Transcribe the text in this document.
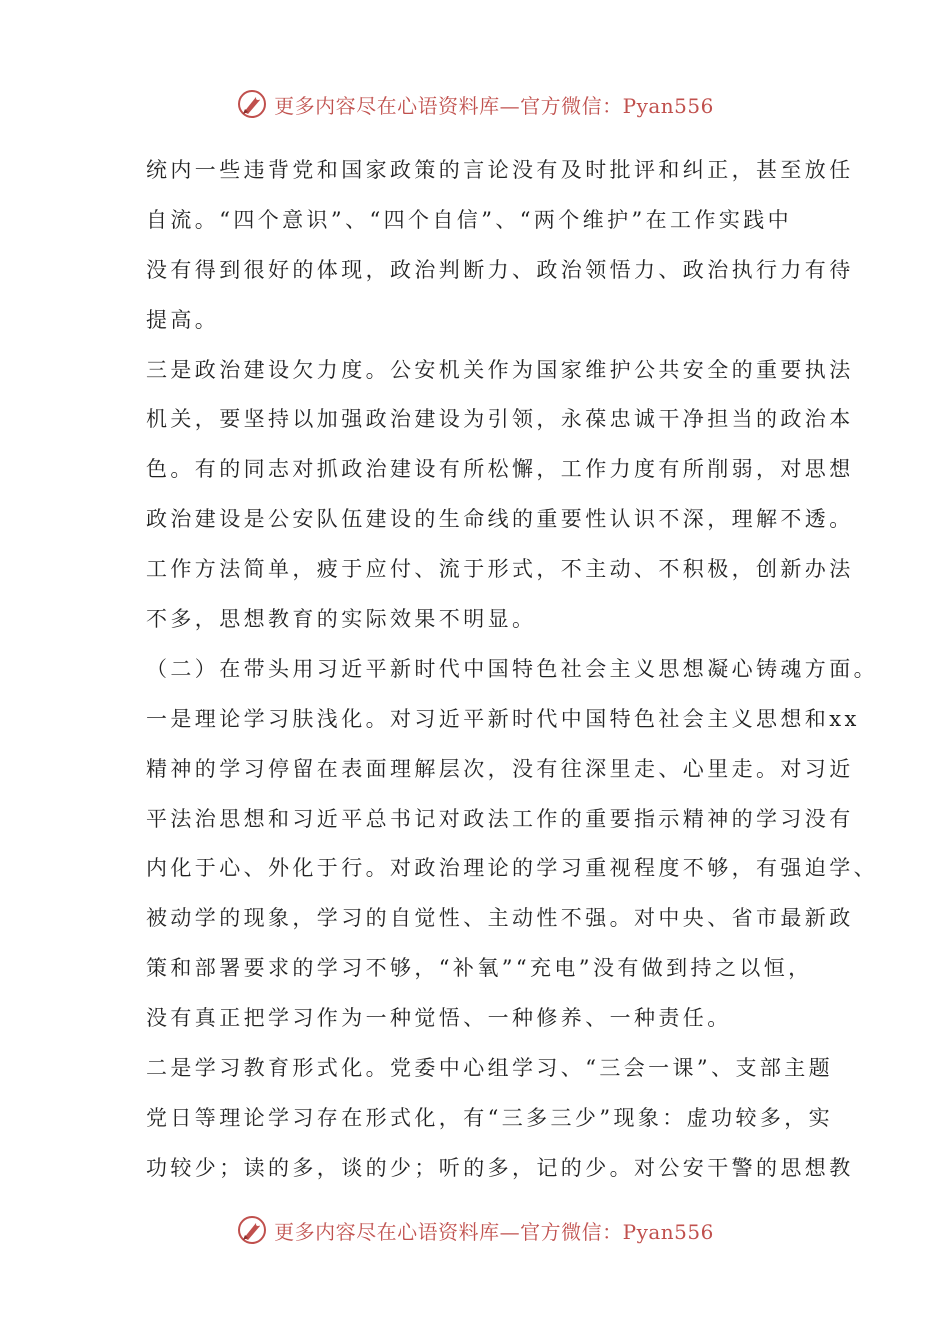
更多内容尽在心语资料库—官方微信：Pyan556
统内一些违背党和国家政策的言论没有及时批评和纠正，甚至放任
自流。“四个意识”、“四个自信”、“两个维护”在工作实践中
没有得到很好的体现，政治判断力、政治领悟力、政治执行力有待
提高。
三是政治建设欠力度。公安机关作为国家维护公共安全的重要执法
机关，要坚持以加强政治建设为引领，永葆忠诚干净担当的政治本
色。有的同志对抓政治建设有所松懈，工作力度有所削弱，对思想
政治建设是公安队伍建设的生命线的重要性认识不深，理解不透。
工作方法简单，疲于应付、流于形式，不主动、不积极，创新办法
不多，思想教育的实际效果不明显。
（二）在带头用习近平新时代中国特色社会主义思想凝心铸魂方面。
一是理论学习肤浅化。对习近平新时代中国特色社会主义思想和xx
精神的学习停留在表面理解层次，没有往深里走、心里走。对习近
平法治思想和习近平总书记对政法工作的重要指示精神的学习没有
内化于心、外化于行。对政治理论的学习重视程度不够，有强迫学、
被动学的现象，学习的自觉性、主动性不强。对中央、省市最新政
策和部署要求的学习不够，“补氧”“充电”没有做到持之以恒，
没有真正把学习作为一种觉悟、一种修养、一种责任。
二是学习教育形式化。党委中心组学习、“三会一课”、支部主题
党日等理论学习存在形式化，有“三多三少”现象：虚功较多，实
功较少；读的多，谈的少；听的多，记的少。对公安干警的思想教
更多内容尽在心语资料库—官方微信：Pyan556
